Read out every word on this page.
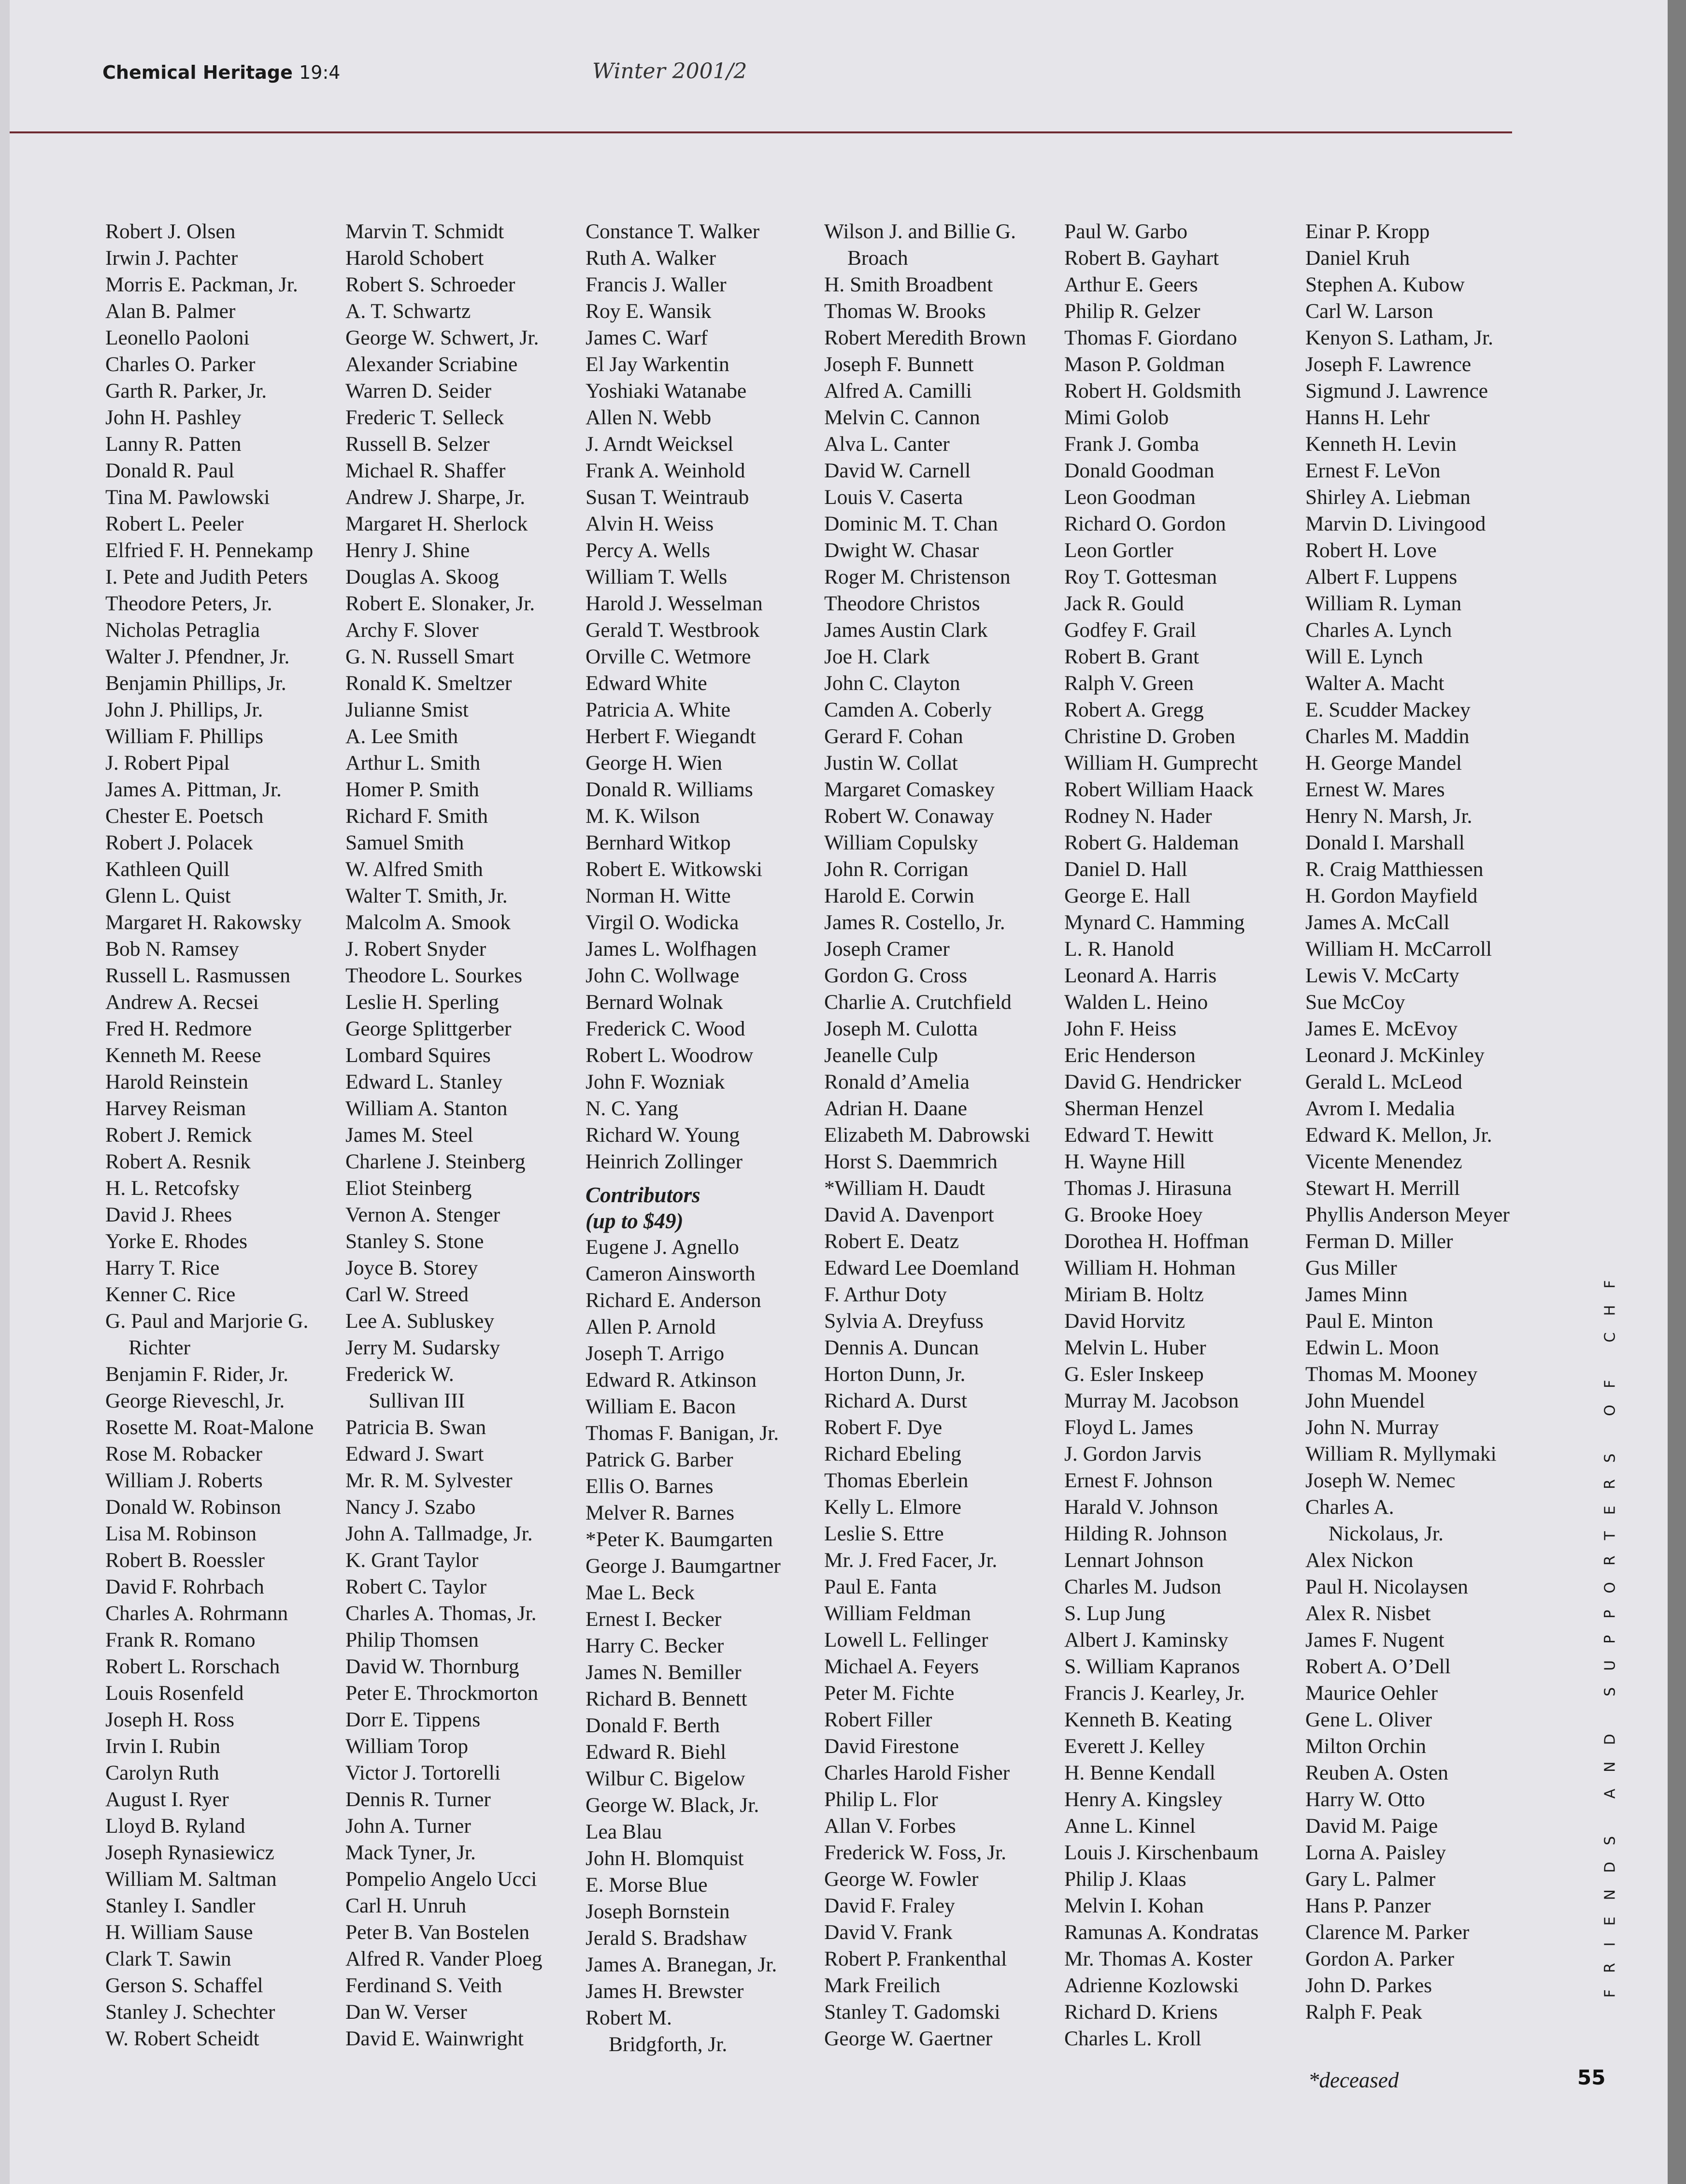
Chemical Heritage 19:4	Winter 2001/2
Robert J. Olsen
Irwin J. Pachter
Morris E. Packman, Jr.
Alan B. Palmer
Leonello Paoloni
Charles O. Parker
Garth R. Parker, Jr.
John H. Pashley
Lanny R. Patten
Donald R. Paul
Tina M. Pawlowski
Robert L. Peeler
Elfried F. H. Pennekamp
I. Pete and Judith Peters
Theodore Peters, Jr.
Nicholas Petraglia
Walter J. Pfendner, Jr.
Benjamin Phillips, Jr.
John J. Phillips, Jr.
William F. Phillips
J. Robert Pipal
James A. Pittman, Jr.
Chester E. Poetsch
Robert J. Polacek
Kathleen Quill
Glenn L. Quist
Margaret H. Rakowsky
Bob N. Ramsey
Russell L. Rasmussen
Andrew A. Recsei
Fred H. Redmore
Kenneth M. Reese
Harold Reinstein
Harvey Reisman
Robert J. Remick
Robert A. Resnik
H. L. Retcofsky
David J. Rhees
Yorke E. Rhodes
Harry T. Rice
Kenner C. Rice
G. Paul and Marjorie G.
Richter
Benjamin F. Rider, Jr.
George Rieveschl, Jr.
Rosette M. Roat-Malone
Rose M. Robacker
William J. Roberts
Donald W. Robinson
Lisa M. Robinson
Robert B. Roessler
David F. Rohrbach
Charles A. Rohrmann
Frank R. Romano
Robert L. Rorschach
Louis Rosenfeld
Joseph H. Ross
Irvin I. Rubin
Carolyn Ruth
August I. Ryer
Lloyd B. Ryland
Joseph Rynasiewicz
William M. Saltman
Stanley I. Sandler
H. William Sause
Clark T. Sawin
Gerson S. Schaffel
Stanley J. Schechter
W. Robert Scheidt
Marvin T. Schmidt
Harold Schobert
Robert S. Schroeder
A. T. Schwartz
George W. Schwert, Jr.
Alexander Scriabine
Warren D. Seider
Frederic T. Selleck
Russell B. Selzer
Michael R. Shaffer
Andrew J. Sharpe, Jr.
Margaret H. Sherlock
Henry J. Shine
Douglas A. Skoog
Robert E. Slonaker, Jr.
Archy F. Slover
G. N. Russell Smart
Ronald K. Smeltzer
Julianne Smist
A. Lee Smith
Arthur L. Smith
Homer P. Smith
Richard F. Smith
Samuel Smith
W. Alfred Smith
Walter T. Smith, Jr.
Malcolm A. Smook
J. Robert Snyder
Theodore L. Sourkes
Leslie H. Sperling
George Splittgerber
Lombard Squires
Edward L. Stanley
William A. Stanton
James M. Steel
Charlene J. Steinberg
Eliot Steinberg
Vernon A. Stenger
Stanley S. Stone
Joyce B. Storey
Carl W. Streed
Lee A. Subluskey
Jerry M. Sudarsky
Frederick W.
Sullivan III
Patricia B. Swan
Edward J. Swart
Mr. R. M. Sylvester
Nancy J. Szabo
John A. Tallmadge, Jr.
K. Grant Taylor
Robert C. Taylor
Charles A. Thomas, Jr.
Philip Thomsen
David W. Thornburg
Peter E. Throckmorton
Dorr E. Tippens
William Torop
Victor J. Tortorelli
Dennis R. Turner
John A. Turner
Mack Tyner, Jr.
Pompelio Angelo Ucci
Carl H. Unruh
Peter B. Van Bostelen
Alfred R. Vander Ploeg
Ferdinand S. Veith
Dan W. Verser
David E. Wainwright
Constance T. Walker
Ruth A. Walker
Francis J. Waller
Roy E. Wansik
James C. Warf
El Jay Warkentin
Yoshiaki Watanabe
Allen N. Webb
J. Arndt Weicksel
Frank A. Weinhold
Susan T. Weintraub
Alvin H. Weiss
Percy A. Wells
William T. Wells
Harold J. Wesselman
Gerald T. Westbrook
Orville C. Wetmore
Edward White
Patricia A. White
Herbert F. Wiegandt
George H. Wien
Donald R. Williams
M. K. Wilson
Bernhard Witkop
Robert E. Witkowski
Norman H. Witte
Virgil O. Wodicka
James L. Wolfhagen
John C. Wollwage
Bernard Wolnak
Frederick C. Wood
Robert L. Woodrow
John F. Wozniak
N. C. Yang
Richard W. Young
Heinrich Zollinger
Contributors
(up to $49)
Eugene J. Agnello
Cameron Ainsworth
Richard E. Anderson
Allen P. Arnold
Joseph T. Arrigo
Edward R. Atkinson
William E. Bacon
Thomas F. Banigan, Jr.
Patrick G. Barber
Ellis O. Barnes
Melver R. Barnes
*Peter K. Baumgarten
George J. Baumgartner
Mae L. Beck
Ernest I. Becker
Harry C. Becker
James N. Bemiller
Richard B. Bennett
Donald F. Berth
Edward R. Biehl
Wilbur C. Bigelow
George W. Black, Jr.
Lea Blau
John H. Blomquist
E. Morse Blue
Joseph Bornstein
Jerald S. Bradshaw
James A. Branegan, Jr.
James H. Brewster
Robert M.
Bridgforth, Jr.
Wilson J. and Billie G.
Broach
H. Smith Broadbent
Thomas W. Brooks
Robert Meredith Brown
Joseph F. Bunnett
Alfred A. Camilli
Melvin C. Cannon
Alva L. Canter
David W. Carnell
Louis V. Caserta
Dominic M. T. Chan
Dwight W. Chasar
Roger M. Christenson
Theodore Christos
James Austin Clark
Joe H. Clark
John C. Clayton
Camden A. Coberly
Gerard F. Cohan
Justin W. Collat
Margaret Comaskey
Robert W. Conaway
William Copulsky
John R. Corrigan
Harold E. Corwin
James R. Costello, Jr.
Joseph Cramer
Gordon G. Cross
Charlie A. Crutchfield
Joseph M. Culotta
Jeanelle Culp
Ronald d’Amelia
Adrian H. Daane
Elizabeth M. Dabrowski
Horst S. Daemmrich
*William H. Daudt
David A. Davenport
Robert E. Deatz
Edward Lee Doemland
F. Arthur Doty
Sylvia A. Dreyfuss
Dennis A. Duncan
Horton Dunn, Jr.
Richard A. Durst
Robert F. Dye
Richard Ebeling
Thomas Eberlein
Kelly L. Elmore
Leslie S. Ettre
Mr. J. Fred Facer, Jr.
Paul E. Fanta
William Feldman
Lowell L. Fellinger
Michael A. Feyers
Peter M. Fichte
Robert Filler
David Firestone
Charles Harold Fisher
Philip L. Flor
Allan V. Forbes
Frederick W. Foss, Jr.
George W. Fowler
David F. Fraley
David V. Frank
Robert P. Frankenthal
Mark Freilich
Stanley T. Gadomski
George W. Gaertner
Paul W. Garbo
Robert B. Gayhart
Arthur E. Geers
Philip R. Gelzer
Thomas F. Giordano
Mason P. Goldman
Robert H. Goldsmith
Mimi Golob
Frank J. Gomba
Donald Goodman
Leon Goodman
Richard O. Gordon
Leon Gortler
Roy T. Gottesman
Jack R. Gould
Godfey F. Grail
Robert B. Grant
Ralph V. Green
Robert A. Gregg
Christine D. Groben
William H. Gumprecht
Robert William Haack
Rodney N. Hader
Robert G. Haldeman
Daniel D. Hall
George E. Hall
Mynard C. Hamming
L. R. Hanold
Leonard A. Harris
Walden L. Heino
John F. Heiss
Eric Henderson
David G. Hendricker
Sherman Henzel
Edward T. Hewitt
H. Wayne Hill
Thomas J. Hirasuna
G. Brooke Hoey
Dorothea H. Hoffman
William H. Hohman
Miriam B. Holtz
David Horvitz
Melvin L. Huber
G. Esler Inskeep
Murray M. Jacobson
Floyd L. James
J. Gordon Jarvis
Ernest F. Johnson
Harald V. Johnson
Hilding R. Johnson
Lennart Johnson
Charles M. Judson
S. Lup Jung
Albert J. Kaminsky
S. William Kapranos
Francis J. Kearley, Jr.
Kenneth B. Keating
Everett J. Kelley
H. Benne Kendall
Henry A. Kingsley
Anne L. Kinnel
Louis J. Kirschenbaum
Philip J. Klaas
Melvin I. Kohan
Ramunas A. Kondratas
Mr. Thomas A. Koster
Adrienne Kozlowski
Richard D. Kriens
Charles L. Kroll
Einar P. Kropp
Daniel Kruh
Stephen A. Kubow
Carl W. Larson
Kenyon S. Latham, Jr.
Joseph F. Lawrence
Sigmund J. Lawrence
Hanns H. Lehr
Kenneth H. Levin
Ernest F. LeVon
Shirley A. Liebman
Marvin D. Livingood
Robert H. Love
Albert F. Luppens
William R. Lyman
Charles A. Lynch
Will E. Lynch
Walter A. Macht
E. Scudder Mackey
Charles M. Maddin
H. George Mandel
Ernest W. Mares
Henry N. Marsh, Jr.
Donald I. Marshall
R. Craig Matthiessen
H. Gordon Mayfield
James A. McCall
William H. McCarroll
Lewis V. McCarty
Sue McCoy
James E. McEvoy
Leonard J. McKinley
Gerald L. McLeod
Avrom I. Medalia
Edward K. Mellon, Jr.
Vicente Menendez
Stewart H. Merrill
Phyllis Anderson Meyer
Ferman D. Miller
Gus Miller
James Minn
Paul E. Minton
Edwin L. Moon
Thomas M. Mooney
John Muendel
John N. Murray
William R. Myllymaki
Joseph W. Nemec
Charles A.
Nickolaus, Jr.
Alex Nickon
Paul H. Nicolaysen
Alex R. Nisbet
James F. Nugent
Robert A. O’Dell
Maurice Oehler
Gene L. Oliver
Milton Orchin
Reuben A. Osten
Harry W. Otto
David M. Paige
Lorna A. Paisley
Gary L. Palmer
Hans P. Panzer
Clarence M. Parker
Gordon A. Parker
John D. Parkes
Ralph F. Peak
FRIENDS AND SUPPORTERS OF CHF
*deceased	55
